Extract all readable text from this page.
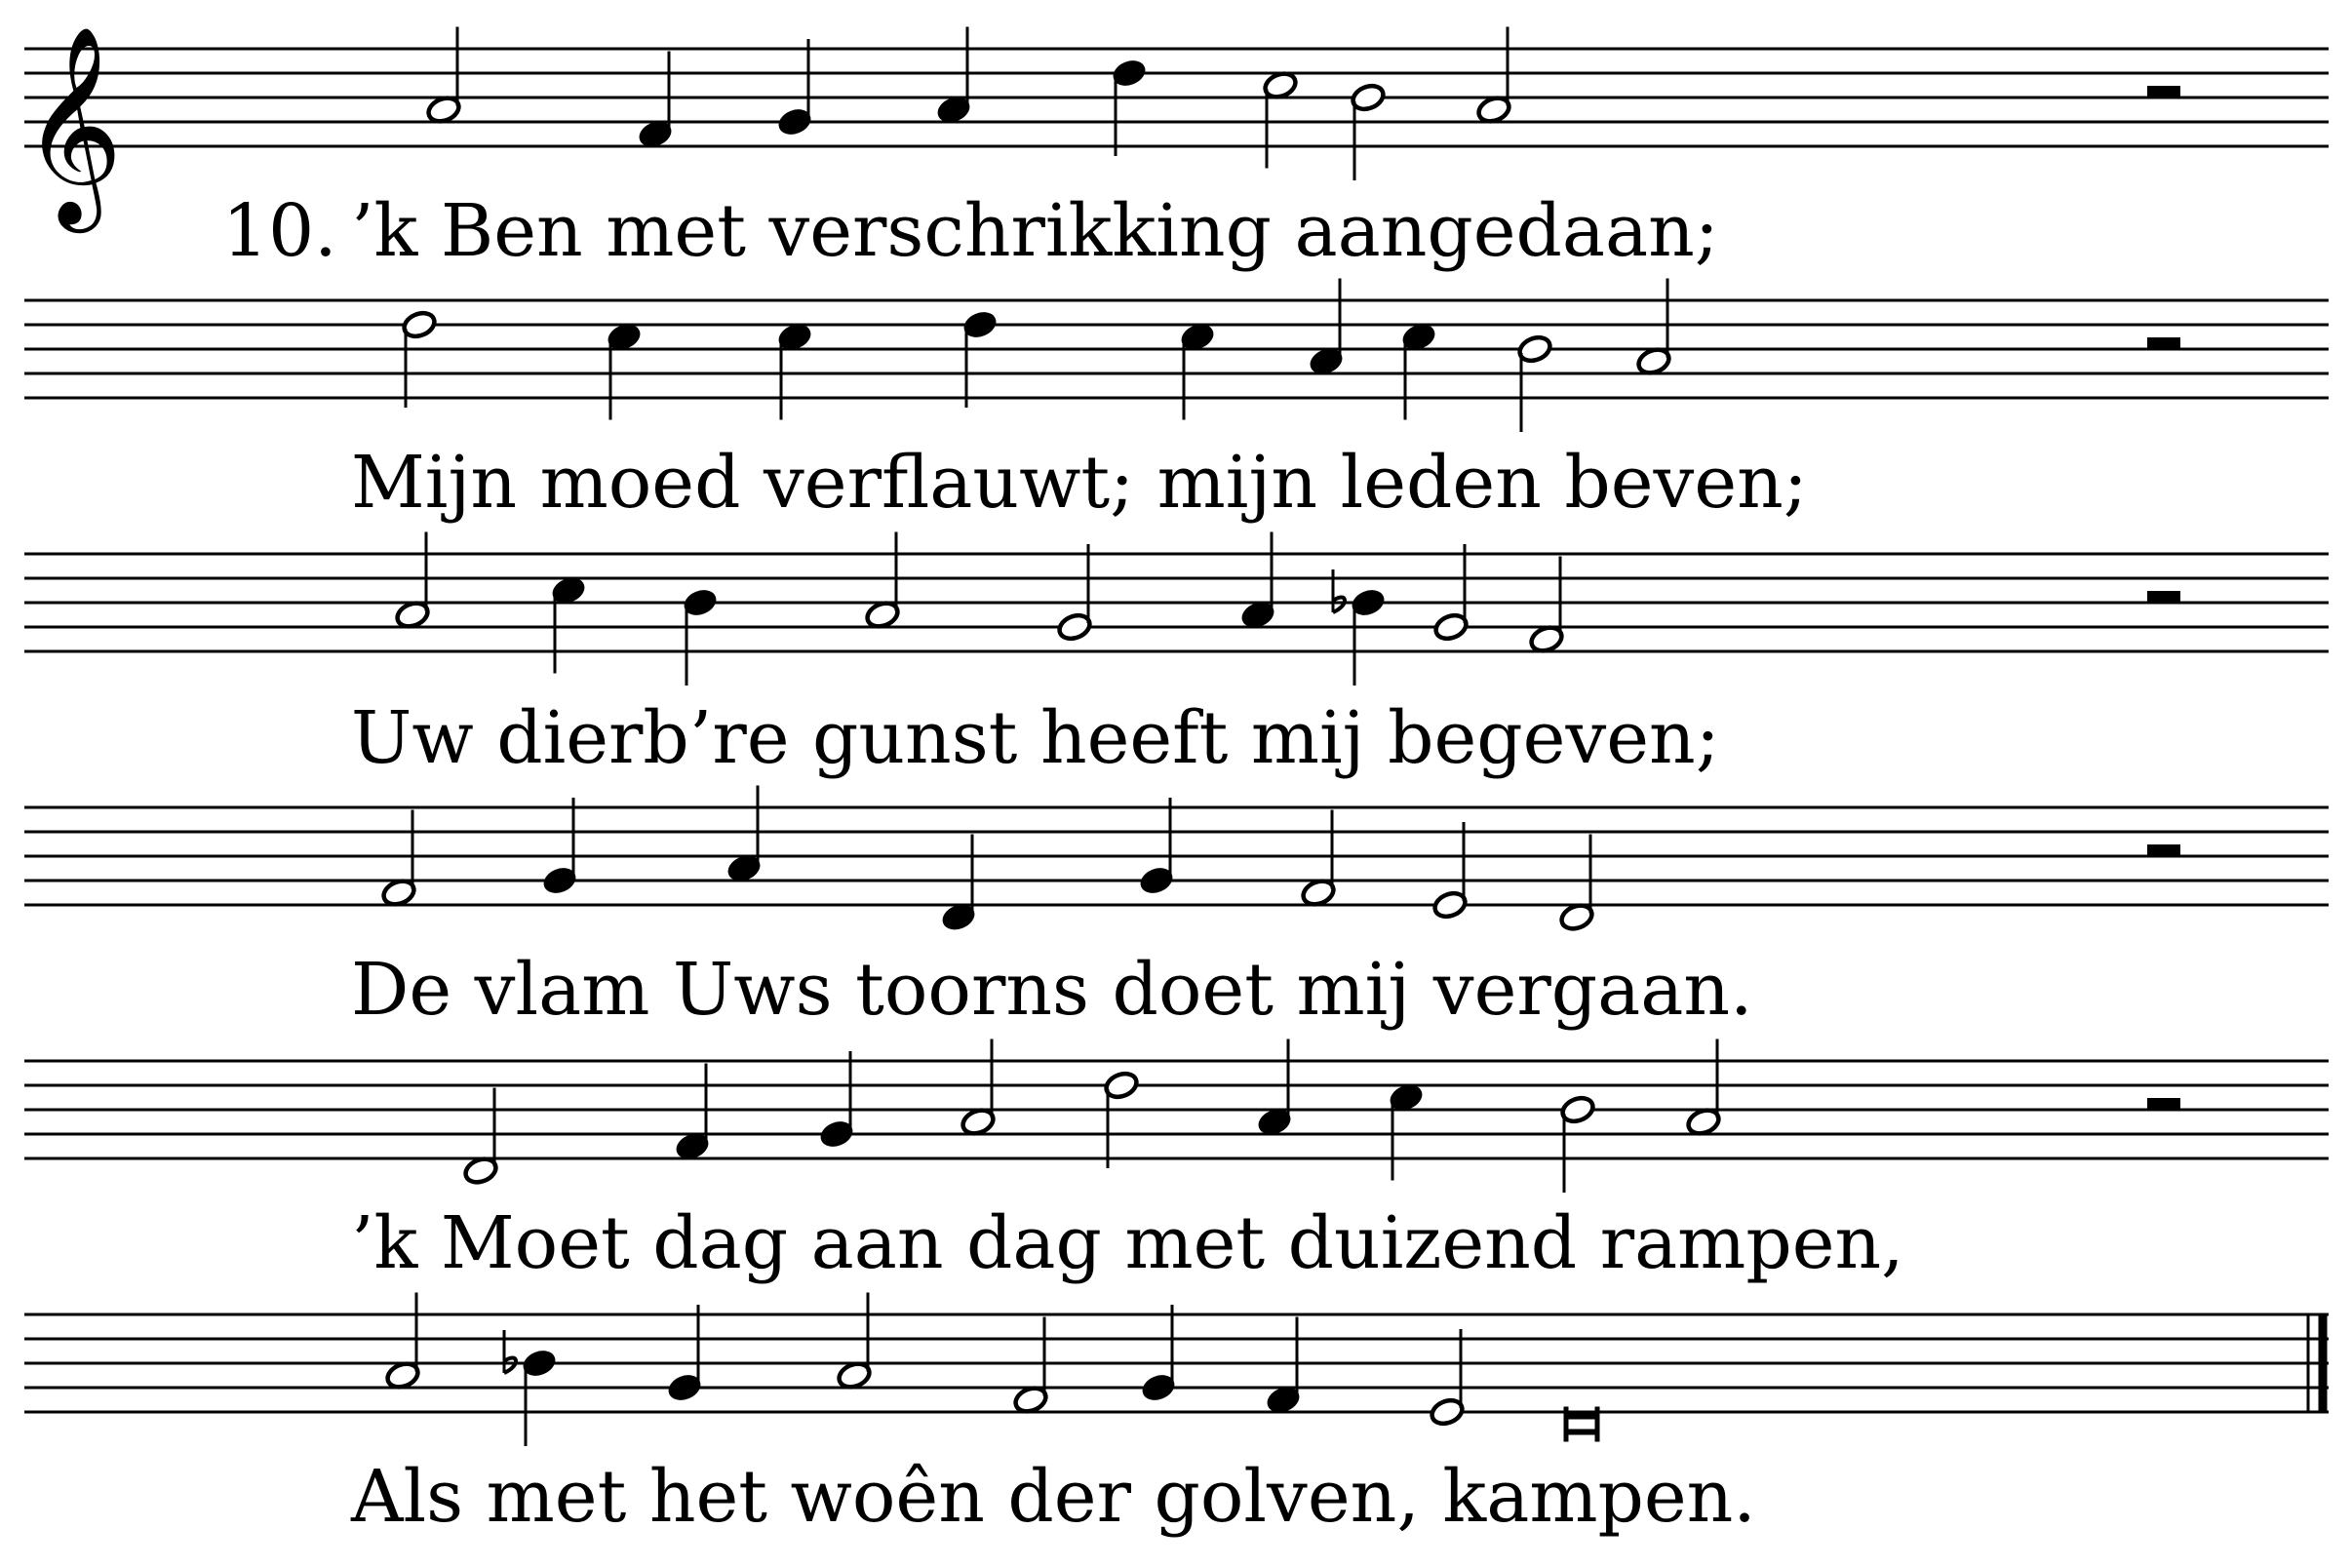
𝄞
10. ’k Ben met verschrikking aangedaan;
Mijn moed verflauwt; mijn leden beven;
Uw dierb’re gunst heeft mij begeven;
De vlam Uws toorns doet mij vergaan.
’k Moet dag aan dag met duizend rampen,
Als met het woên der golven, kampen.
